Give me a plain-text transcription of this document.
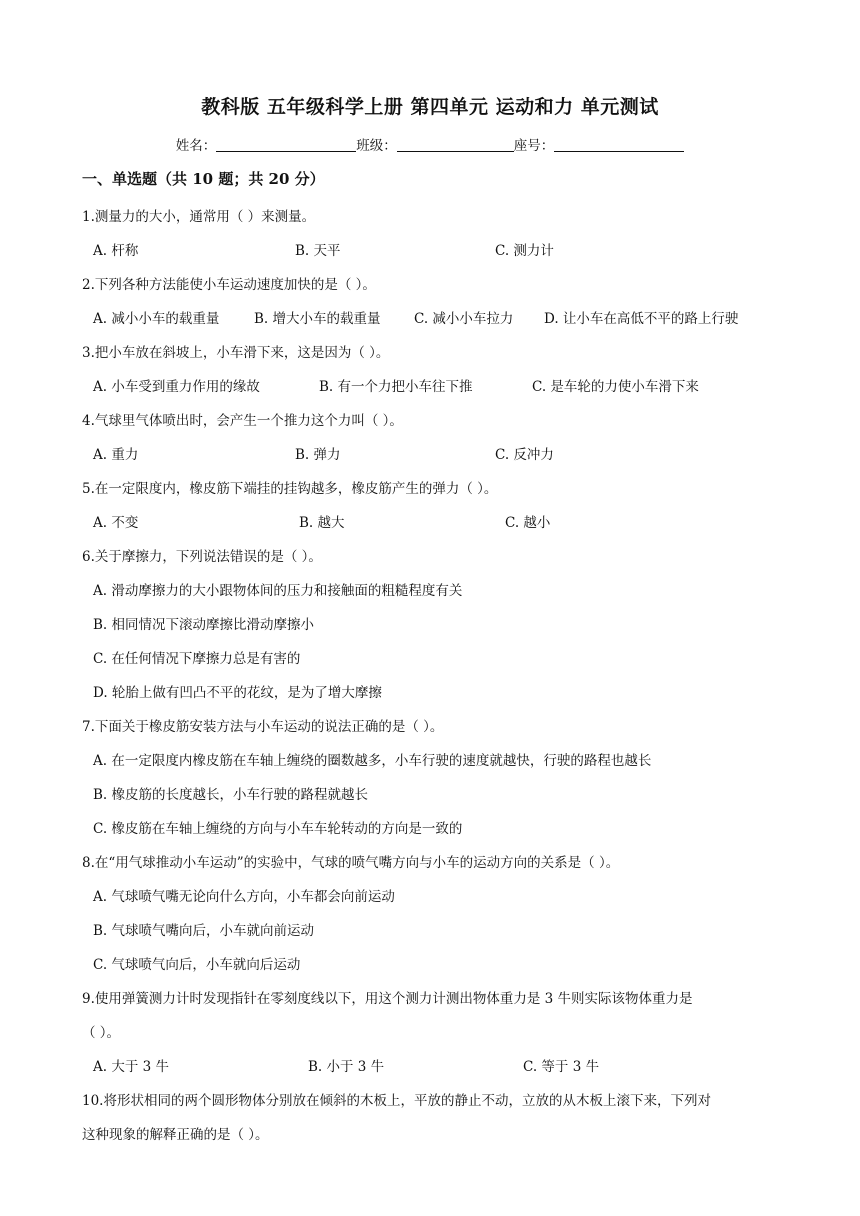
教科版 五年级科学上册 第四单元 运动和力 单元测试
姓名：	班级：	座号：
一、单选题（共 10 题；共 20 分）
1.测量力的大小，通常用（ ）来测量。
A. 杆称	B. 天平	C. 测力计
2.下列各种方法能使小车运动速度加快的是（ ）。
A. 减小小车的载重量	B. 增大小车的载重量 C. 减小小车拉力 D. 让小车在高低不平的路上行驶
3.把小车放在斜坡上，小车滑下来，这是因为（ ）。
A. 小车受到重力作用的缘故	B. 有一个力把小车往下推	C. 是车轮的力使小车滑下来
4.气球里气体喷出时，会产生一个推力这个力叫（ ）。
A. 重力	B. 弹力	C. 反冲力
5.在一定限度内，橡皮筋下端挂的挂钩越多，橡皮筋产生的弹力（ ）。
A. 不变	B. 越大	C. 越小
6.关于摩擦力，下列说法错误的是（ ）。
A. 滑动摩擦力的大小跟物体间的压力和接触面的粗糙程度有关
B. 相同情况下滚动摩擦比滑动摩擦小
C. 在任何情况下摩擦力总是有害的
D. 轮胎上做有凹凸不平的花纹，是为了增大摩擦
7.下面关于橡皮筋安装方法与小车运动的说法正确的是（ ）。
A. 在一定限度内橡皮筋在车轴上缠绕的圈数越多，小车行驶的速度就越快，行驶的路程也越长
B. 橡皮筋的长度越长，小车行驶的路程就越长
C. 橡皮筋在车轴上缠绕的方向与小车车轮转动的方向是一致的
8.在“用气球推动小车运动”的实验中，气球的喷气嘴方向与小车的运动方向的关系是（ ）。
A. 气球喷气嘴无论向什么方向，小车都会向前运动
B. 气球喷气嘴向后，小车就向前运动
C. 气球喷气向后，小车就向后运动
9.使用弹簧测力计时发现指针在零刻度线以下，用这个测力计测出物体重力是 3 牛则实际该物体重力是
（ ）。
A. 大于 3 牛	B. 小于 3 牛	C. 等于 3 牛
10.将形状相同的两个圆形物体分别放在倾斜的木板上，平放的静止不动，立放的从木板上滚下来，下列对
这种现象的解释正确的是（ ）。
